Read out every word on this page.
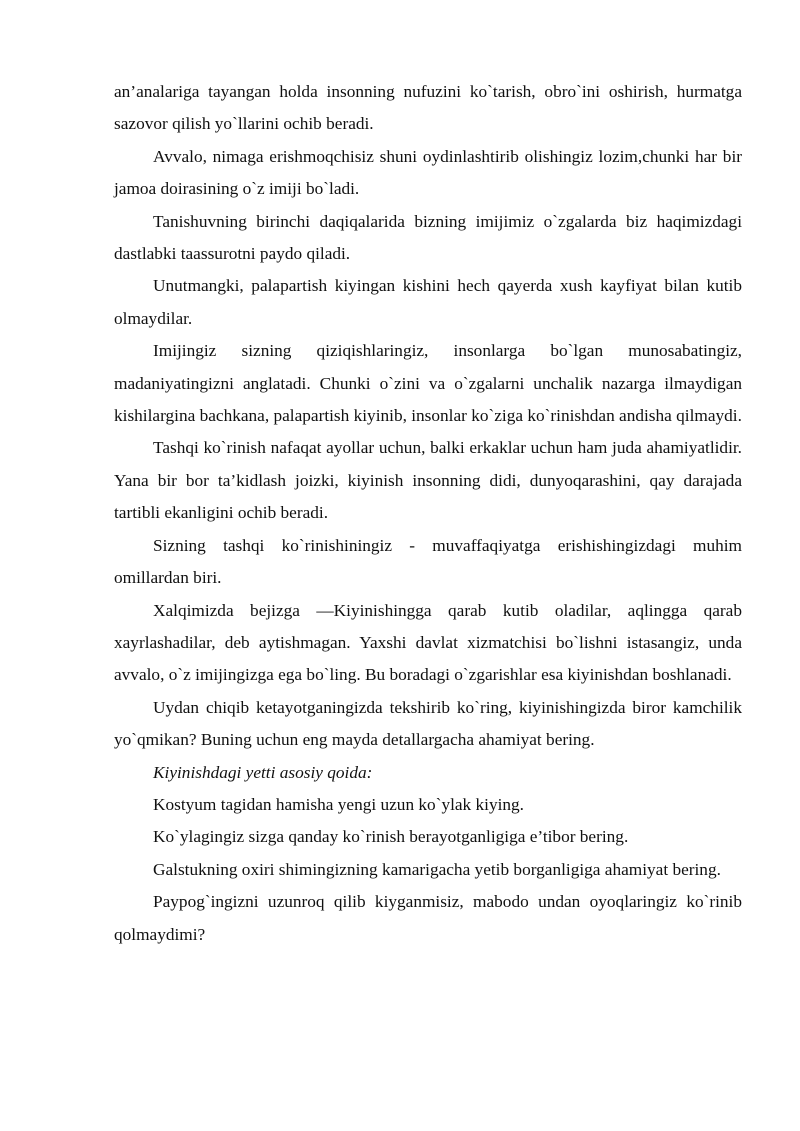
an’analariga tayangan holda insonning nufuzini ko`tarish, obro`ini oshirish, hurmatga sazovor qilish yo`llarini ochib beradi.

Avvalo, nimaga erishmoqchisiz shuni oydinlashtirib olishingiz lozim,chunki har bir jamoa doirasining o`z imiji bo`ladi.

Tanishuvning birinchi daqiqalarida bizning imijimiz o`zgalarda biz haqimizdagi dastlabki taassurotni paydo qiladi.

Unutmangki, palapartish kiyingan kishini hech qayerda xush kayfiyat bilan kutib olmaydilar.

Imijingiz sizning qiziqishlaringiz, insonlarga bo`lgan munosabatingiz, madaniyatingizni anglatadi. Chunki o`zini va o`zgalarni unchalik nazarga ilmaydigan kishilargina bachkana, palapartish kiyinib, insonlar ko`ziga ko`rinishdan andisha qilmaydi.

Tashqi ko`rinish nafaqat ayollar uchun, balki erkaklar uchun ham juda ahamiyatlidir. Yana bir bor ta’kidlash joizki, kiyinish insonning didi, dunyoqarashini, qay darajada tartibli ekanligini ochib beradi.

Sizning tashqi ko`rinishiningiz - muvaffaqiyatga erishishingizdagi muhim omillardan biri.

Xalqimizda bejizga ―Kiyinishingga qarab kutib oladilar, aqlingga qarab xayrlashadilar, deb aytishmagan. Yaxshi davlat xizmatchisi bo`lishni istasangiz, unda avvalo, o`z imijingizga ega bo`ling. Bu boradagi o`zgarishlar esa kiyinishdan boshlanadi.

Uydan chiqib ketayotganingizda tekshirib ko`ring, kiyinishingizda biror kamchilik yo`qmikan? Buning uchun eng mayda detallargacha ahamiyat bering.

Kiyinishdagi yetti asosiy qoida:

Kostyum tagidan hamisha yengi uzun ko`ylak kiying.

Ko`ylagingiz sizga qanday ko`rinish berayotganligiga e’tibor bering.

Galstukning oxiri shimingizning kamarigacha yetib borganligiga ahamiyat bering.

Paypog`ingizni uzunroq qilib kiyganmisiz, mabodo undan oyoqlaringiz ko`rinib qolmaydimi?
